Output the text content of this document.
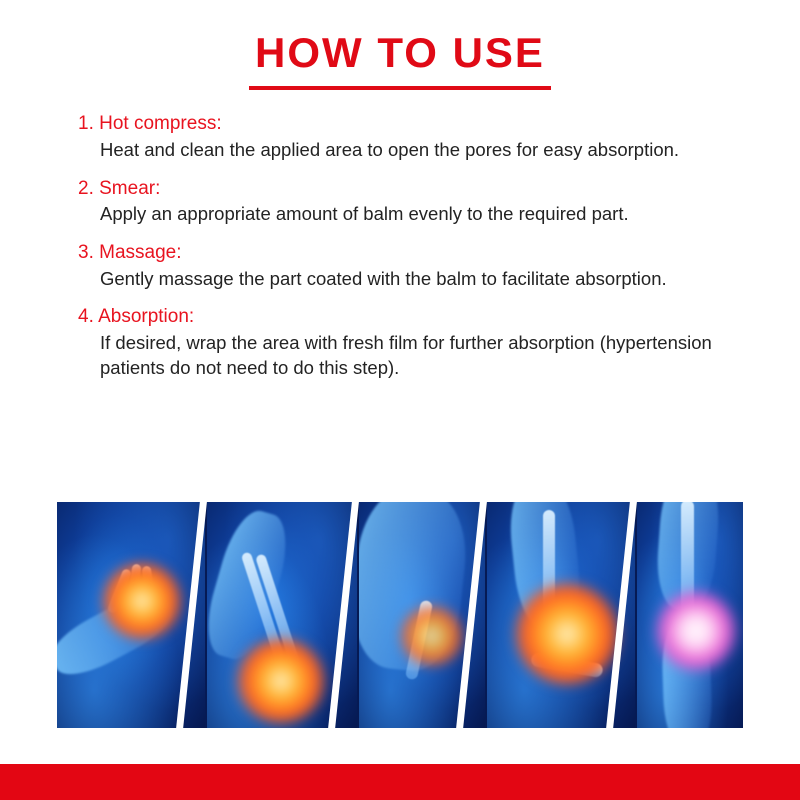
HOW TO USE
1. Hot compress:
Heat and clean the applied area to open the pores for easy absorption.
2. Smear:
Apply an appropriate amount of balm evenly to the required part.
3. Massage:
Gently massage the part coated with the balm to facilitate absorption.
4. Absorption:
If desired, wrap the area with fresh film for further absorption (hypertension patients do not need to do this step).
